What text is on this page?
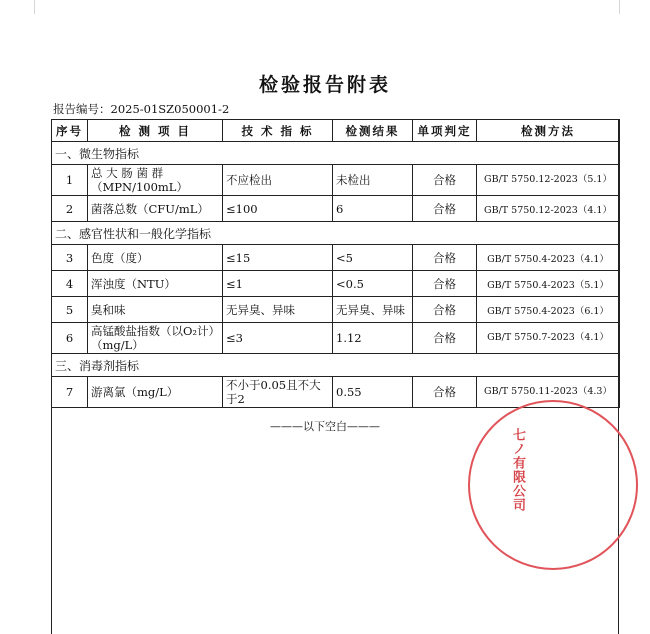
检验报告附表
报告编号：2025-01SZ050001-2
序号	检 测 项 目	技 术 指 标	检测结果	单项判定	检测方法
一、微生物指标					
1	总 大 肠 菌 群（MPN/100mL）	不应检出	未检出	合格	GB/T 5750.12-2023（5.1）
2	菌落总数（CFU/mL）	≤100	6	合格	GB/T 5750.12-2023（4.1）
二、感官性状和一般化学指标					
3	色度（度）	≤15	<5	合格	GB/T 5750.4-2023（4.1）
4	浑浊度（NTU）	≤1	<0.5	合格	GB/T 5750.4-2023（5.1）
5	臭和味	无异臭、异味	无异臭、异味	合格	GB/T 5750.4-2023（6.1）
6	高锰酸盐指数（以O₂计）（mg/L）	≤3	1.12	合格	GB/T 5750.7-2023（4.1）
三、消毒剂指标					
7	游离氯（mg/L）	不小于0.05且不大于2	0.55	合格	GB/T 5750.11-2023（4.3）
———以下空白———
七ノ有限公司
